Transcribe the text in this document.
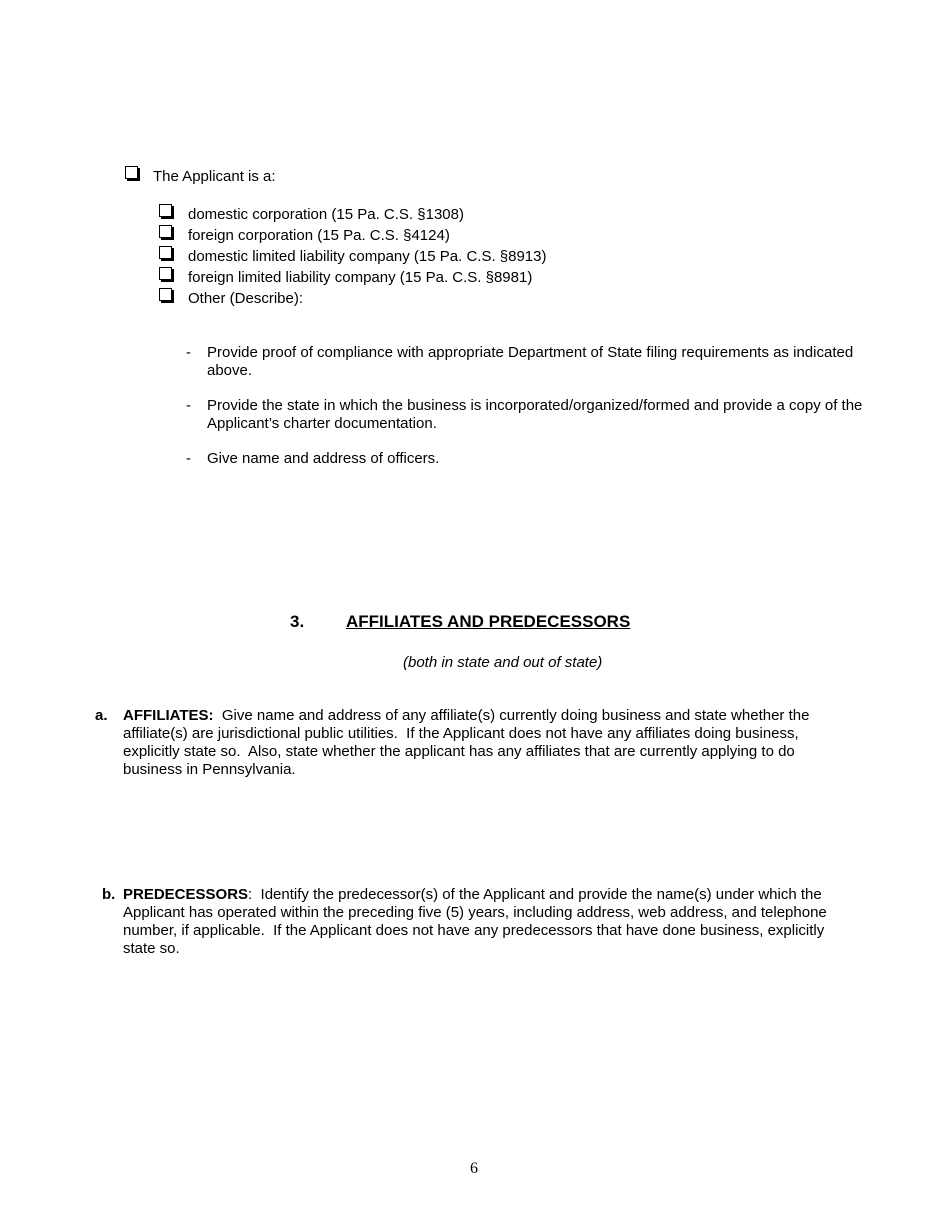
The Applicant is a:
domestic corporation (15 Pa. C.S. §1308)
foreign corporation (15 Pa. C.S. §4124)
domestic limited liability company (15 Pa. C.S. §8913)
foreign limited liability company (15 Pa. C.S. §8981)
Other (Describe):
- Provide proof of compliance with appropriate Department of State filing requirements as indicated above.
- Provide the state in which the business is incorporated/organized/formed and provide a copy of the Applicant’s charter documentation.
- Give name and address of officers.
3. AFFILIATES AND PREDECESSORS
(both in state and out of state)
a. AFFILIATES:  Give name and address of any affiliate(s) currently doing business and state whether the affiliate(s) are jurisdictional public utilities.  If the Applicant does not have any affiliates doing business, explicitly state so.  Also, state whether the applicant has any affiliates that are currently applying to do business in Pennsylvania.
b. PREDECESSORS:  Identify the predecessor(s) of the Applicant and provide the name(s) under which the Applicant has operated within the preceding five (5) years, including address, web address, and telephone number, if applicable.  If the Applicant does not have any predecessors that have done business, explicitly state so.
6
